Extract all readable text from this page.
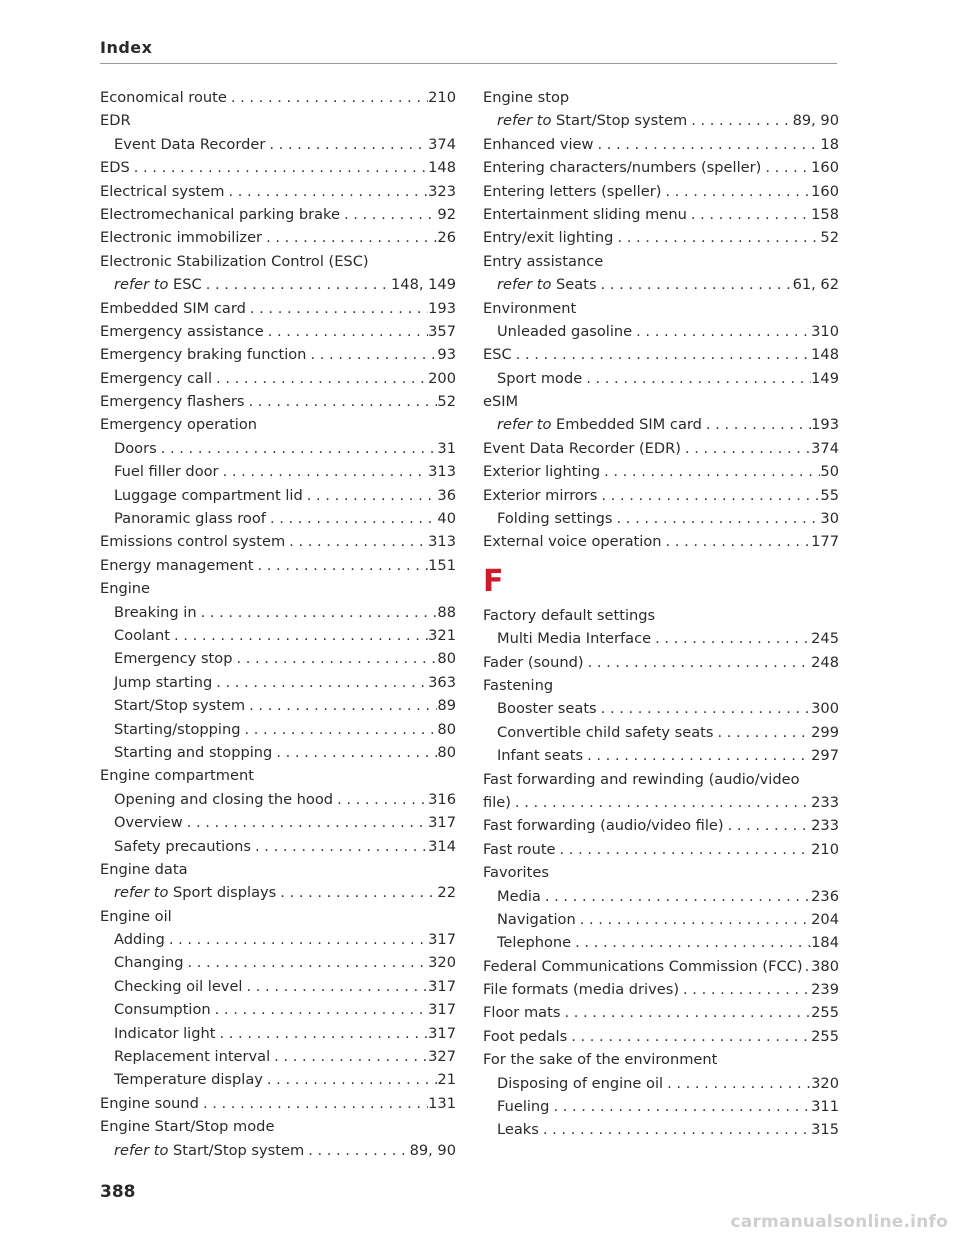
Index
Economical route . . .	210
EDR
Event Data Recorder . . .	374
EDS . . .	148
Electrical system . . .	323
Electromechanical parking brake . . .	92
Electronic immobilizer . . .	26
Electronic Stabilization Control (ESC)
refer to ESC . . .	148, 149
Embedded SIM card . . .	193
Emergency assistance . . .	357
Emergency braking function . . .	93
Emergency call . . .	200
Emergency flashers . . .	52
Emergency operation
Doors . . .	31
Fuel filler door . . .	313
Luggage compartment lid . . .	36
Panoramic glass roof . . .	40
Emissions control system . . .	313
Energy management . . .	151
Engine
Breaking in . . .	88
Coolant . . .	321
Emergency stop . . .	80
Jump starting . . .	363
Start/Stop system . . .	89
Starting/stopping . . .	80
Starting and stopping . . .	80
Engine compartment
Opening and closing the hood . . .	316
Overview . . .	317
Safety precautions . . .	314
Engine data
refer to Sport displays . . .	22
Engine oil
Adding . . .	317
Changing . . .	320
Checking oil level . . .	317
Consumption . . .	317
Indicator light . . .	317
Replacement interval . . .	327
Temperature display . . .	21
Engine sound . . .	131
Engine Start/Stop mode
refer to Start/Stop system . . .	89, 90
Engine stop
refer to Start/Stop system . . .	89, 90
Enhanced view . . .	18
Entering characters/numbers (speller) . . .	160
Entering letters (speller) . . .	160
Entertainment sliding menu . . .	158
Entry/exit lighting . . .	52
Entry assistance
refer to Seats . . .	61, 62
Environment
Unleaded gasoline . . .	310
ESC . . .	148
Sport mode . . .	149
eSIM
refer to Embedded SIM card . . .	193
Event Data Recorder (EDR) . . .	374
Exterior lighting . . .	50
Exterior mirrors . . .	55
Folding settings . . .	30
External voice operation . . .	177
F
Factory default settings
Multi Media Interface . . .	245
Fader (sound) . . .	248
Fastening
Booster seats . . .	300
Convertible child safety seats . . .	299
Infant seats . . .	297
Fast forwarding and rewinding (audio/video
file) . . .	233
Fast forwarding (audio/video file) . . .	233
Fast route . . .	210
Favorites
Media . . .	236
Navigation . . .	204
Telephone . . .	184
Federal Communications Commission (FCC) . . . 380
File formats (media drives) . . .	239
Floor mats . . .	255
Foot pedals . . .	255
For the sake of the environment
Disposing of engine oil . . .	320
Fueling . . .	311
Leaks . . .	315
388
carmanualsonline.info
